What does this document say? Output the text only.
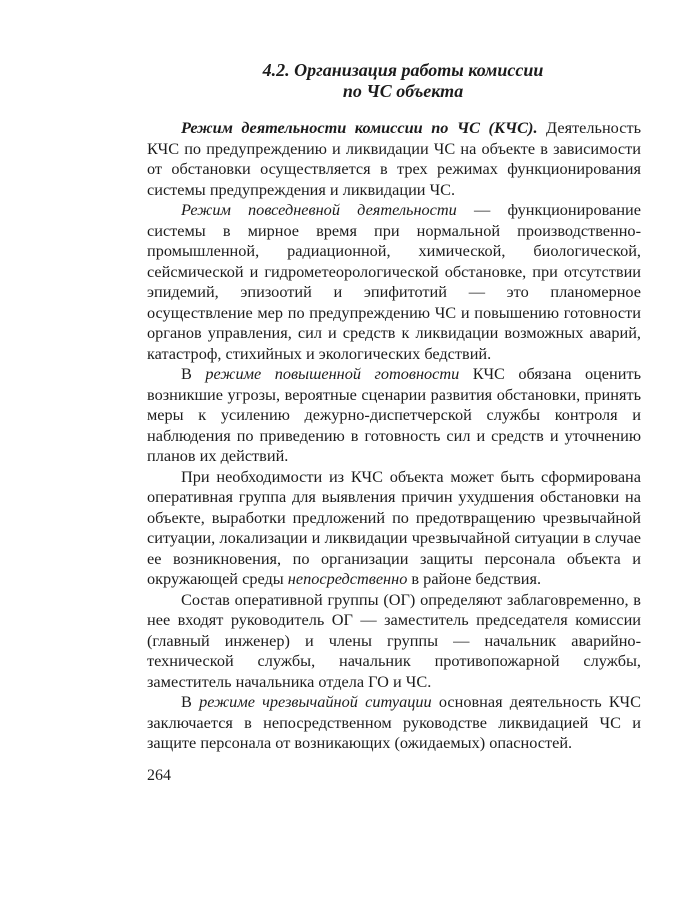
4.2. Организация работы комиссии
по ЧС объекта

Режим деятельности комиссии по ЧС (КЧС). Деятельность КЧС по предупреждению и ликвидации ЧС на объекте в зависимости от обстановки осуществляется в трех режимах функционирования системы предупреждения и ликвидации ЧС.

Режим повседневной деятельности — функционирование системы в мирное время при нормальной производственно-промышленной, радиационной, химической, биологической, сейсмической и гидрометеорологической обстановке, при отсутствии эпидемий, эпизоотий и эпифитотий — это планомерное осуществление мер по предупреждению ЧС и повышению готовности органов управления, сил и средств к ликвидации возможных аварий, катастроф, стихийных и экологических бедствий.

В режиме повышенной готовности КЧС обязана оценить возникшие угрозы, вероятные сценарии развития обстановки, принять меры к усилению дежурно-диспетчерской службы контроля и наблюдения по приведению в готовность сил и средств и уточнению планов их действий.

При необходимости из КЧС объекта может быть сформирована оперативная группа для выявления причин ухудшения обстановки на объекте, выработки предложений по предотвращению чрезвычайной ситуации, локализации и ликвидации чрезвычайной ситуации в случае ее возникновения, по организации защиты персонала объекта и окружающей среды непосредственно в районе бедствия.

Состав оперативной группы (ОГ) определяют заблаговременно, в нее входят руководитель ОГ — заместитель председателя комиссии (главный инженер) и члены группы — начальник аварийно-технической службы, начальник противопожарной службы, заместитель начальника отдела ГО и ЧС.

В режиме чрезвычайной ситуации основная деятельность КЧС заключается в непосредственном руководстве ликвидацией ЧС и защите персонала от возникающих (ожидаемых) опасностей.

264
